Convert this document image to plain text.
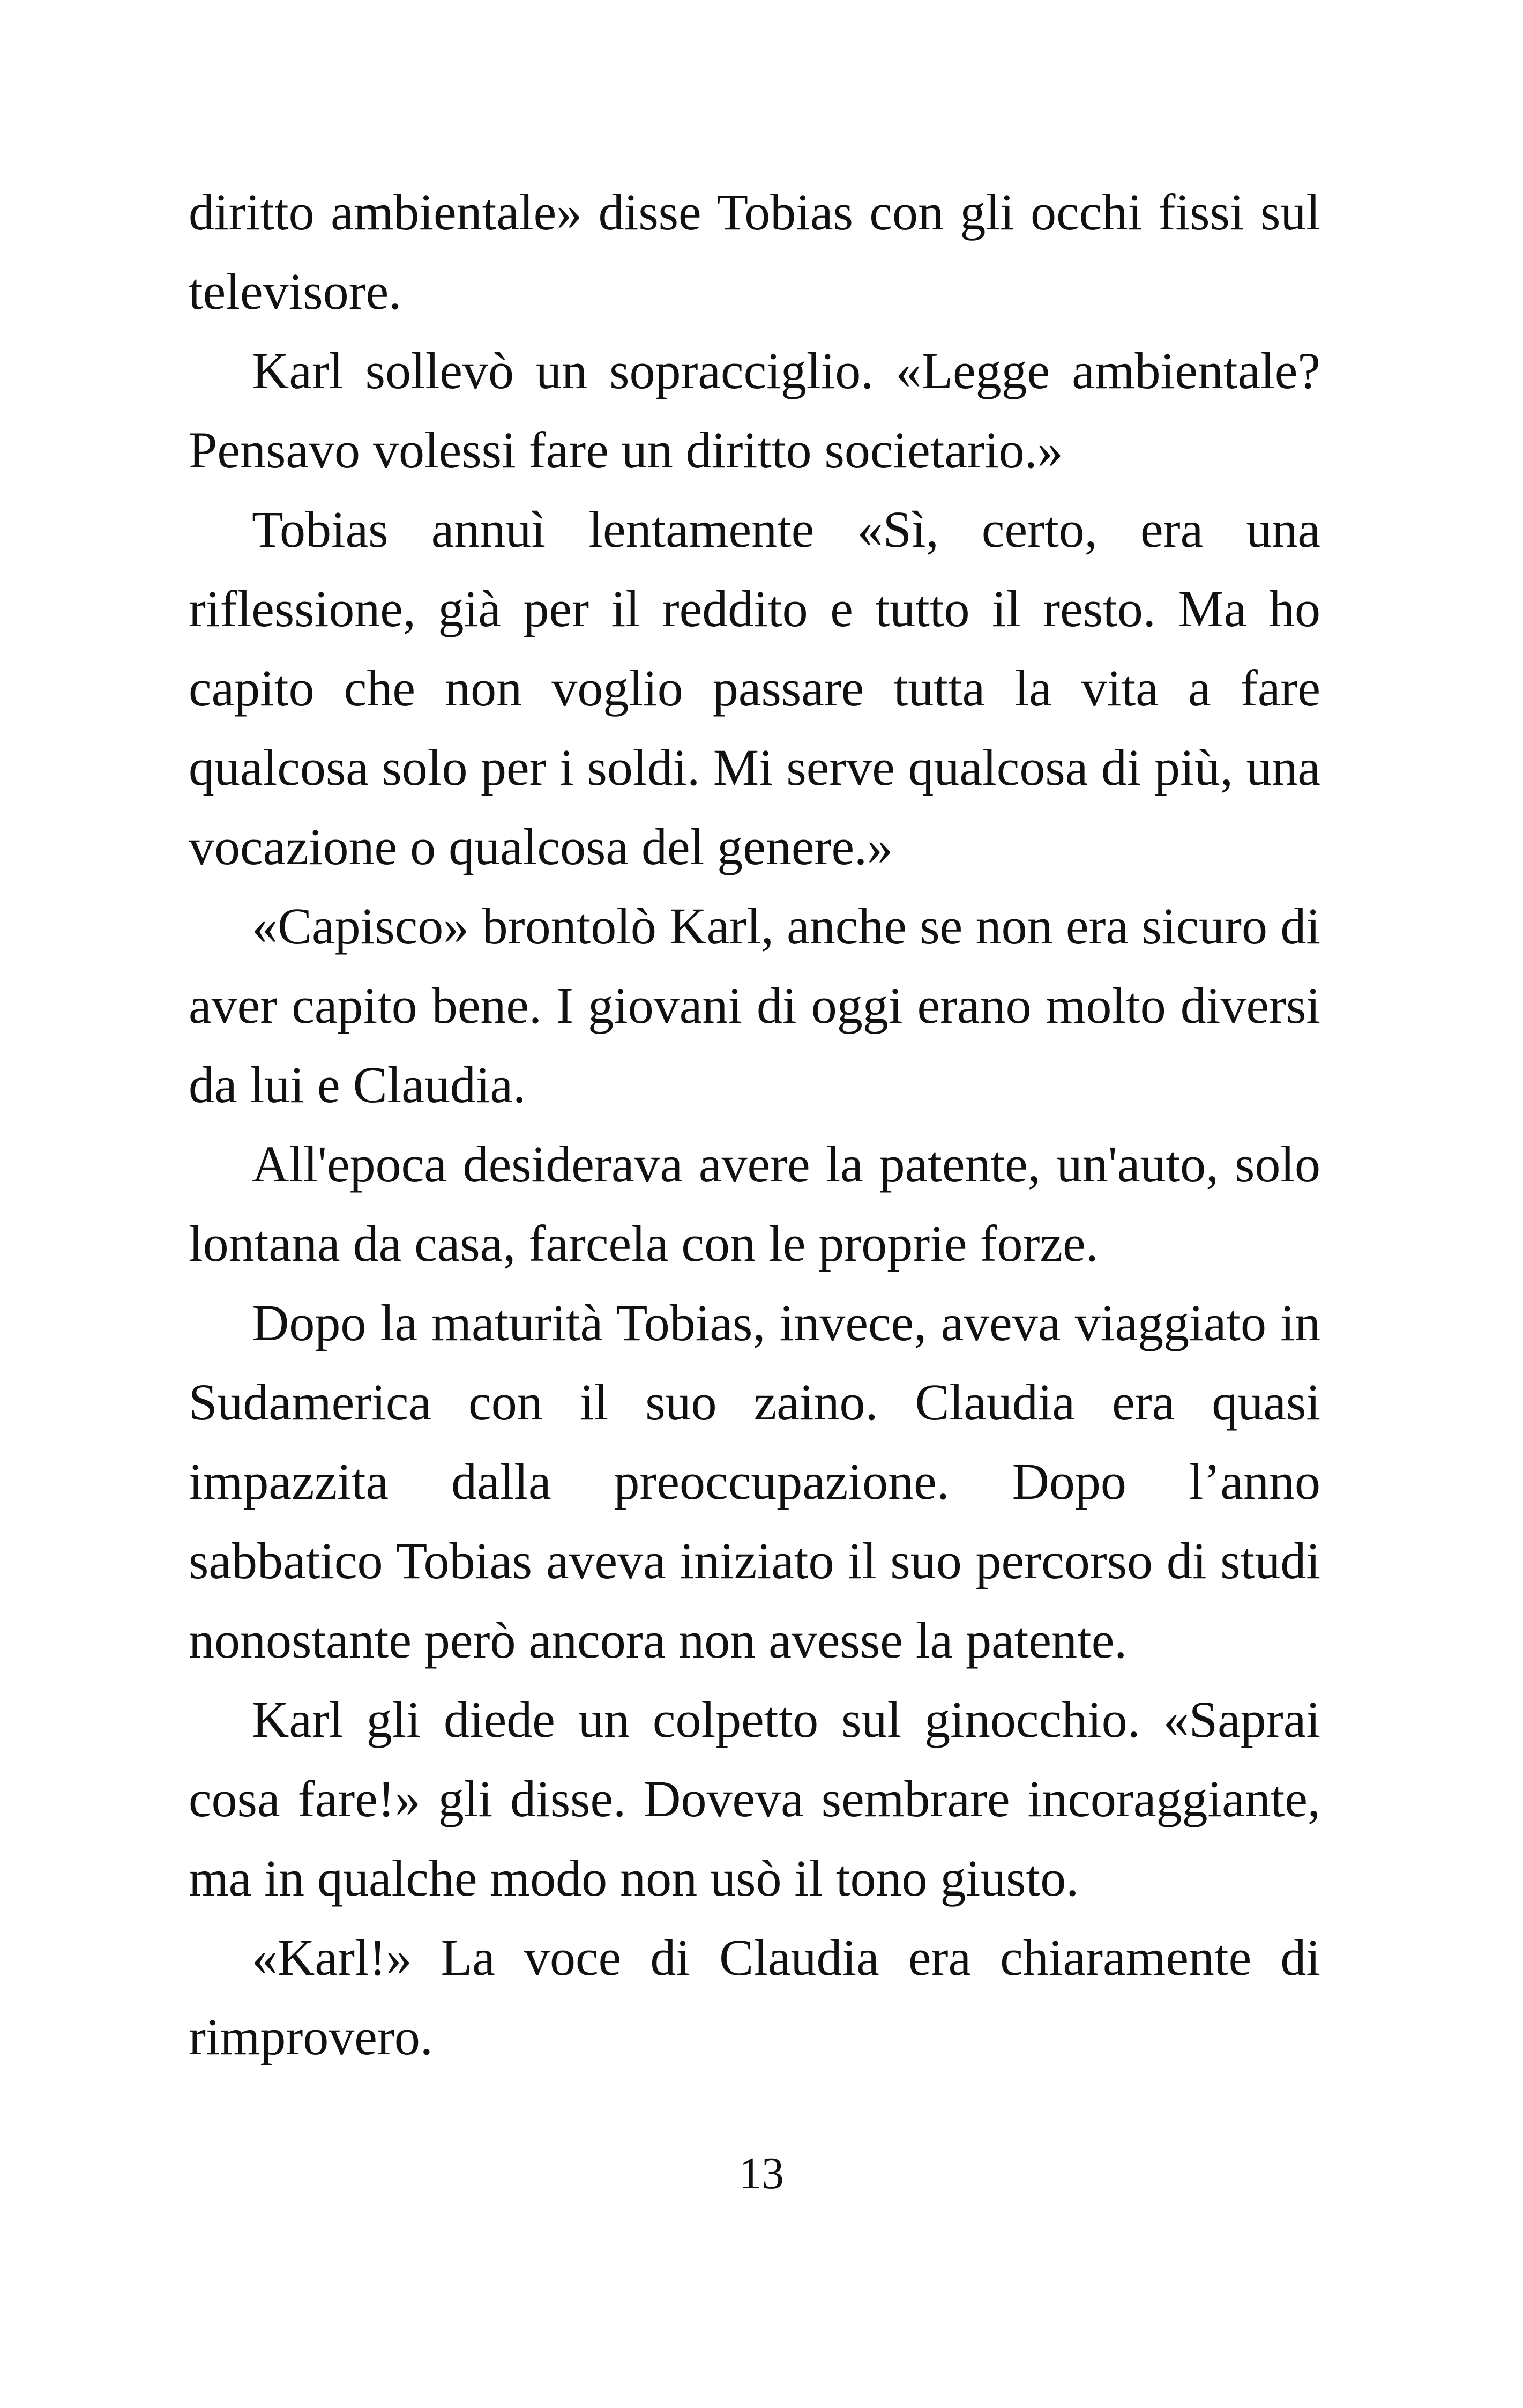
diritto ambientale» disse Tobias con gli occhi fissi sul televisore.

Karl sollevò un sopracciglio. «Legge ambientale? Pensavo volessi fare un diritto societario.»

Tobias annuì lentamente «Sì, certo, era una riflessione, già per il reddito e tutto il resto. Ma ho capito che non voglio passare tutta la vita a fare qualcosa solo per i soldi. Mi serve qualcosa di più, una vocazione o qualcosa del genere.»

«Capisco» brontolò Karl, anche se non era sicuro di aver capito bene. I giovani di oggi erano molto diversi da lui e Claudia.

All'epoca desiderava avere la patente, un'auto, solo lontana da casa, farcela con le proprie forze.

Dopo la maturità Tobias, invece, aveva viaggiato in Sudamerica con il suo zaino. Claudia era quasi impazzita dalla preoccupazione. Dopo l’anno sabbatico Tobias aveva iniziato il suo percorso di studi nonostante però ancora non avesse la patente.

Karl gli diede un colpetto sul ginocchio. «Saprai cosa fare!» gli disse. Doveva sembrare incoraggiante, ma in qualche modo non usò il tono giusto.

«Karl!» La voce di Claudia era chiaramente di rimprovero.

13
